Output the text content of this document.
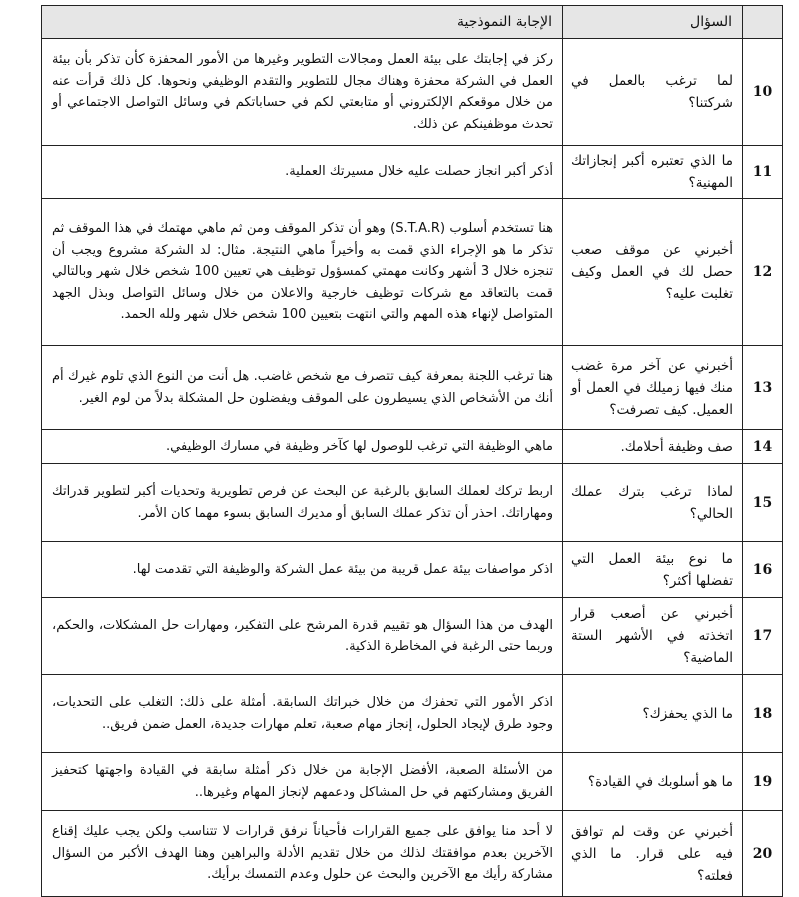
	السؤال	الإجابة النموذجية
10	لما ترغب بالعمل في شركتنا؟	ركز في إجابتك على بيئة العمل ومجالات التطوير وغيرها من الأمور المحفزة كأن تذكر بأن بيئة العمل في الشركة محفزة وهناك مجال للتطوير والتقدم الوظيفي ونحوها. كل ذلك قرأت عنه من خلال موقعكم الإلكتروني أو متابعتي لكم في حساباتكم في وسائل التواصل الاجتماعي أو تحدث موظفينكم عن ذلك.
11	ما الذي تعتبره أكبر إنجازاتك المهنية؟	أذكر أكبر انجاز حصلت عليه خلال مسيرتك العملية.
12	أخبرني عن موقف صعب حصل لك في العمل وكيف تغلبت عليه؟	هنا تستخدم أسلوب (S.T.A.R) وهو أن تذكر الموقف ومن ثم ماهي مهتمك في هذا الموقف ثم تذكر ما هو الإجراء الذي قمت به وأخيراً ماهي النتيجة. مثال: لد الشركة مشروع ويجب أن تنجزه خلال 3 أشهر وكانت مهمتي كمسؤول توظيف هي تعيين 100 شخص خلال شهر وبالتالي قمت بالتعاقد مع شركات توظيف خارجية والاعلان من خلال وسائل التواصل وبذل الجهد المتواصل لإنهاء هذه المهم والتي انتهت بتعيين 100 شخص خلال شهر ولله الحمد.
13	أخبرني عن آخر مرة غضب منك فيها زميلك في العمل أو العميل. كيف تصرفت؟	هنا ترغب اللجنة بمعرفة كيف تتصرف مع شخص غاضب. هل أنت من النوع الذي تلوم غيرك أم أنك من الأشخاص الذي يسيطرون على الموقف ويفضلون حل المشكلة بدلاً من لوم الغير.
14	صف وظيفة أحلامك.	ماهي الوظيفة التي ترغب للوصول لها كآخر وظيفة في مسارك الوظيفي.
15	لماذا ترغب بترك عملك الحالي؟	اربط تركك لعملك السابق بالرغبة عن البحث عن فرص تطويرية وتحديات أكبر لتطوير قدراتك ومهاراتك. احذر أن تذكر عملك السابق أو مديرك السابق بسوء مهما كان الأمر.
16	ما نوع بيئة العمل التي تفضلها أكثر؟	اذكر مواصفات بيئة عمل قريبة من بيئة عمل الشركة والوظيفة التي تقدمت لها.
17	أخبرني عن أصعب قرار اتخذته في الأشهر الستة الماضية؟	الهدف من هذا السؤال هو تقييم قدرة المرشح على التفكير، ومهارات حل المشكلات، والحكم، وربما حتى الرغبة في المخاطرة الذكية.
18	ما الذي يحفزك؟	اذكر الأمور التي تحفزك من خلال خبراتك السابقة. أمثلة على ذلك: التغلب على التحديات، وجود طرق لإيجاد الحلول، إنجاز مهام صعبة، تعلم مهارات جديدة، العمل ضمن فريق..
19	ما هو أسلوبك في القيادة؟	من الأسئلة الصعبة، الأفضل الإجابة من خلال ذكر أمثلة سابقة في القيادة واجهتها كتحفيز الفريق ومشاركتهم في حل المشاكل ودعمهم لإنجاز المهام وغيرها..
20	أخبرني عن وقت لم توافق فيه على قرار. ما الذي فعلته؟	لا أحد منا يوافق على جميع القرارات فأحياناً نرفق قرارات لا تتناسب ولكن يجب عليك إقناع الآخرين بعدم موافقتك لذلك من خلال تقديم الأدلة والبراهين وهنا الهدف الأكبر من السؤال مشاركة رأيك مع الآخرين والبحث عن حلول وعدم التمسك برأيك.
